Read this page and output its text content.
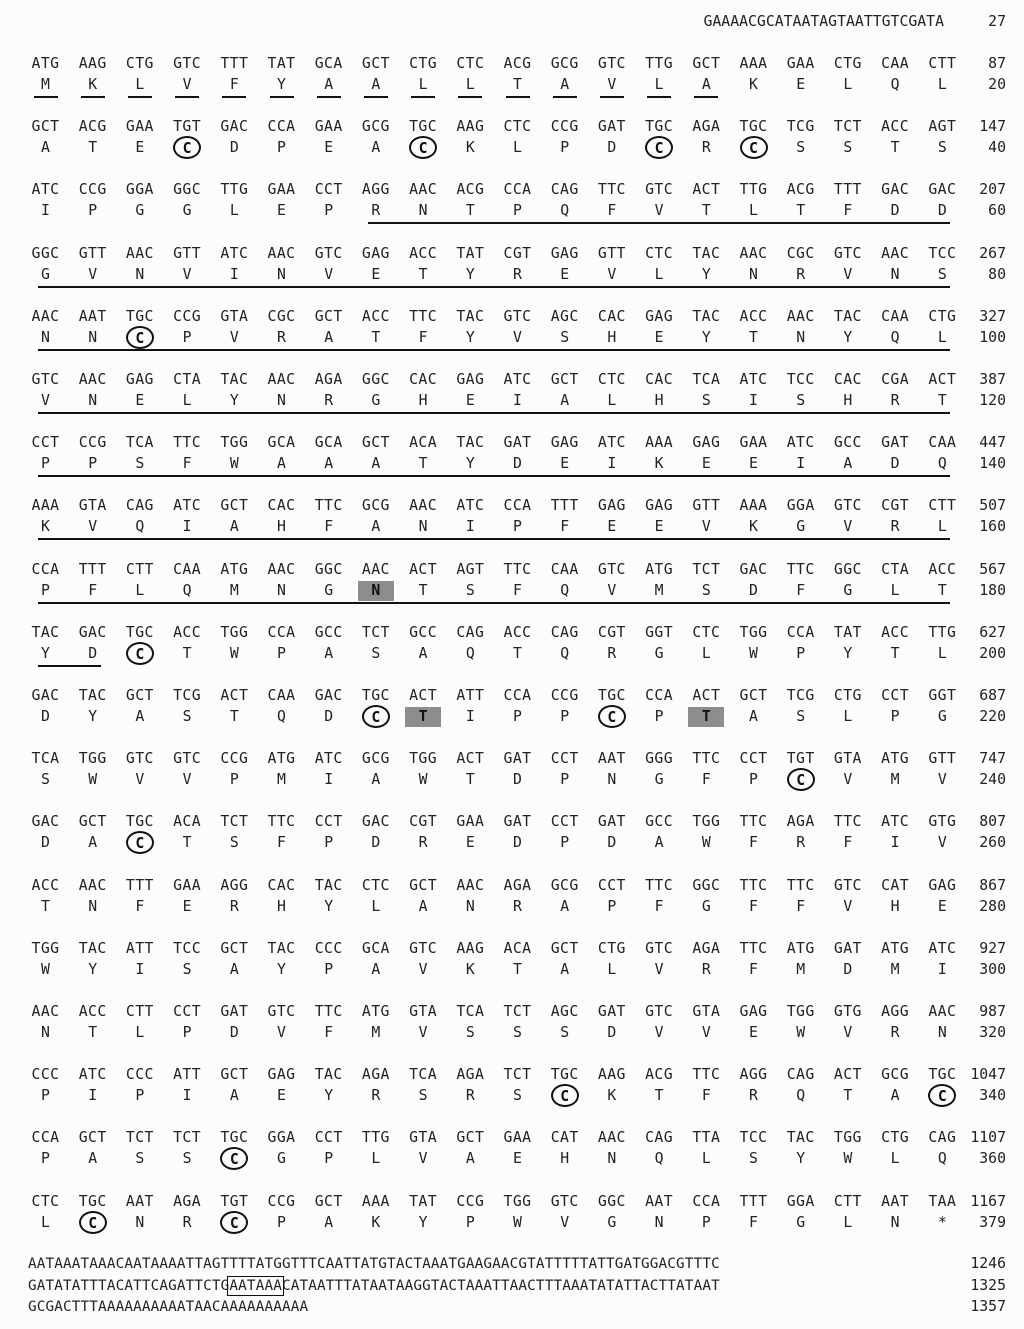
GAAAACGCATAATAGTAATTGTCGATA	27
ATG	AAG	CTG	GTC	TTT	TAT	GCA	GCT	CTG	CTC	ACG	GCG	GTC	TTG	GCT	AAA	GAA	CTG	CAA	CTT	87
M	K	L	V	F	Y	A	A	L	L	T	A	V	L	A	K	E	L	Q	L	20
GCT	ACG	GAA	TGT	GAC	CCA	GAA	GCG	TGC	AAG	CTC	CCG	GAT	TGC	AGA	TGC	TCG	TCT	ACC	AGT	147
A	T	E	C	D	P	E	A	C	K	L	P	D	C	R	C	S	S	T	S	40
ATC	CCG	GGA	GGC	TTG	GAA	CCT	AGG	AAC	ACG	CCA	CAG	TTC	GTC	ACT	TTG	ACG	TTT	GAC	GAC	207
I	P	G	G	L	E	P	R	N	T	P	Q	F	V	T	L	T	F	D	D	60
GGC	GTT	AAC	GTT	ATC	AAC	GTC	GAG	ACC	TAT	CGT	GAG	GTT	CTC	TAC	AAC	CGC	GTC	AAC	TCC	267
G	V	N	V	I	N	V	E	T	Y	R	E	V	L	Y	N	R	V	N	S	80
AAC	AAT	TGC	CCG	GTA	CGC	GCT	ACC	TTC	TAC	GTC	AGC	CAC	GAG	TAC	ACC	AAC	TAC	CAA	CTG	327
N	N	C	P	V	R	A	T	F	Y	V	S	H	E	Y	T	N	Y	Q	L	100
GTC	AAC	GAG	CTA	TAC	AAC	AGA	GGC	CAC	GAG	ATC	GCT	CTC	CAC	TCA	ATC	TCC	CAC	CGA	ACT	387
V	N	E	L	Y	N	R	G	H	E	I	A	L	H	S	I	S	H	R	T	120
CCT	CCG	TCA	TTC	TGG	GCA	GCA	GCT	ACA	TAC	GAT	GAG	ATC	AAA	GAG	GAA	ATC	GCC	GAT	CAA	447
P	P	S	F	W	A	A	A	T	Y	D	E	I	K	E	E	I	A	D	Q	140
AAA	GTA	CAG	ATC	GCT	CAC	TTC	GCG	AAC	ATC	CCA	TTT	GAG	GAG	GTT	AAA	GGA	GTC	CGT	CTT	507
K	V	Q	I	A	H	F	A	N	I	P	F	E	E	V	K	G	V	R	L	160
CCA	TTT	CTT	CAA	ATG	AAC	GGC	AAC	ACT	AGT	TTC	CAA	GTC	ATG	TCT	GAC	TTC	GGC	CTA	ACC	567
P	F	L	Q	M	N	G	N	T	S	F	Q	V	M	S	D	F	G	L	T	180
TAC	GAC	TGC	ACC	TGG	CCA	GCC	TCT	GCC	CAG	ACC	CAG	CGT	GGT	CTC	TGG	CCA	TAT	ACC	TTG	627
Y	D	C	T	W	P	A	S	A	Q	T	Q	R	G	L	W	P	Y	T	L	200
GAC	TAC	GCT	TCG	ACT	CAA	GAC	TGC	ACT	ATT	CCA	CCG	TGC	CCA	ACT	GCT	TCG	CTG	CCT	GGT	687
D	Y	A	S	T	Q	D	C	T	I	P	P	C	P	T	A	S	L	P	G	220
TCA	TGG	GTC	GTC	CCG	ATG	ATC	GCG	TGG	ACT	GAT	CCT	AAT	GGG	TTC	CCT	TGT	GTA	ATG	GTT	747
S	W	V	V	P	M	I	A	W	T	D	P	N	G	F	P	C	V	M	V	240
GAC	GCT	TGC	ACA	TCT	TTC	CCT	GAC	CGT	GAA	GAT	CCT	GAT	GCC	TGG	TTC	AGA	TTC	ATC	GTG	807
D	A	C	T	S	F	P	D	R	E	D	P	D	A	W	F	R	F	I	V	260
ACC	AAC	TTT	GAA	AGG	CAC	TAC	CTC	GCT	AAC	AGA	GCG	CCT	TTC	GGC	TTC	TTC	GTC	CAT	GAG	867
T	N	F	E	R	H	Y	L	A	N	R	A	P	F	G	F	F	V	H	E	280
TGG	TAC	ATT	TCC	GCT	TAC	CCC	GCA	GTC	AAG	ACA	GCT	CTG	GTC	AGA	TTC	ATG	GAT	ATG	ATC	927
W	Y	I	S	A	Y	P	A	V	K	T	A	L	V	R	F	M	D	M	I	300
AAC	ACC	CTT	CCT	GAT	GTC	TTC	ATG	GTA	TCA	TCT	AGC	GAT	GTC	GTA	GAG	TGG	GTG	AGG	AAC	987
N	T	L	P	D	V	F	M	V	S	S	S	D	V	V	E	W	V	R	N	320
CCC	ATC	CCC	ATT	GCT	GAG	TAC	AGA	TCA	AGA	TCT	TGC	AAG	ACG	TTC	AGG	CAG	ACT	GCG	TGC 1047
P	I	P	I	A	E	Y	R	S	R	S	C	K	T	F	R	Q	T	A	C	340
CCA	GCT	TCT	TCT	TGC	GGA	CCT	TTG	GTA	GCT	GAA	CAT	AAC	CAG	TTA	TCC	TAC	TGG	CTG	CAG 1107
P	A	S	S	C	G	P	L	V	A	E	H	N	Q	L	S	Y	W	L	Q	360
CTC	TGC	AAT	AGA	TGT	CCG	GCT	AAA	TAT	CCG	TGG	GTC	GGC	AAT	CCA	TTT	GGA	CTT	AAT	TAA 1167
L	C	N	R	C	P	A	K	Y	P	W	V	G	N	P	F	G	L	N	*	379
AATAAATAAACAATAAAATTAGTTTTATGGTTTCAATTATGTACTAAATGAAGAACGTATTTTTATTGATGGACGTTTC	1246
GATATATTTACATTCAGATTCTGAATAAACATAATTTATAATAAGGTACTAAATTAACTTTAAATATATTACTTATAAT	1325
GCGACTTTAAAAAAAAAATAACAAAAAAAAAA	1357
